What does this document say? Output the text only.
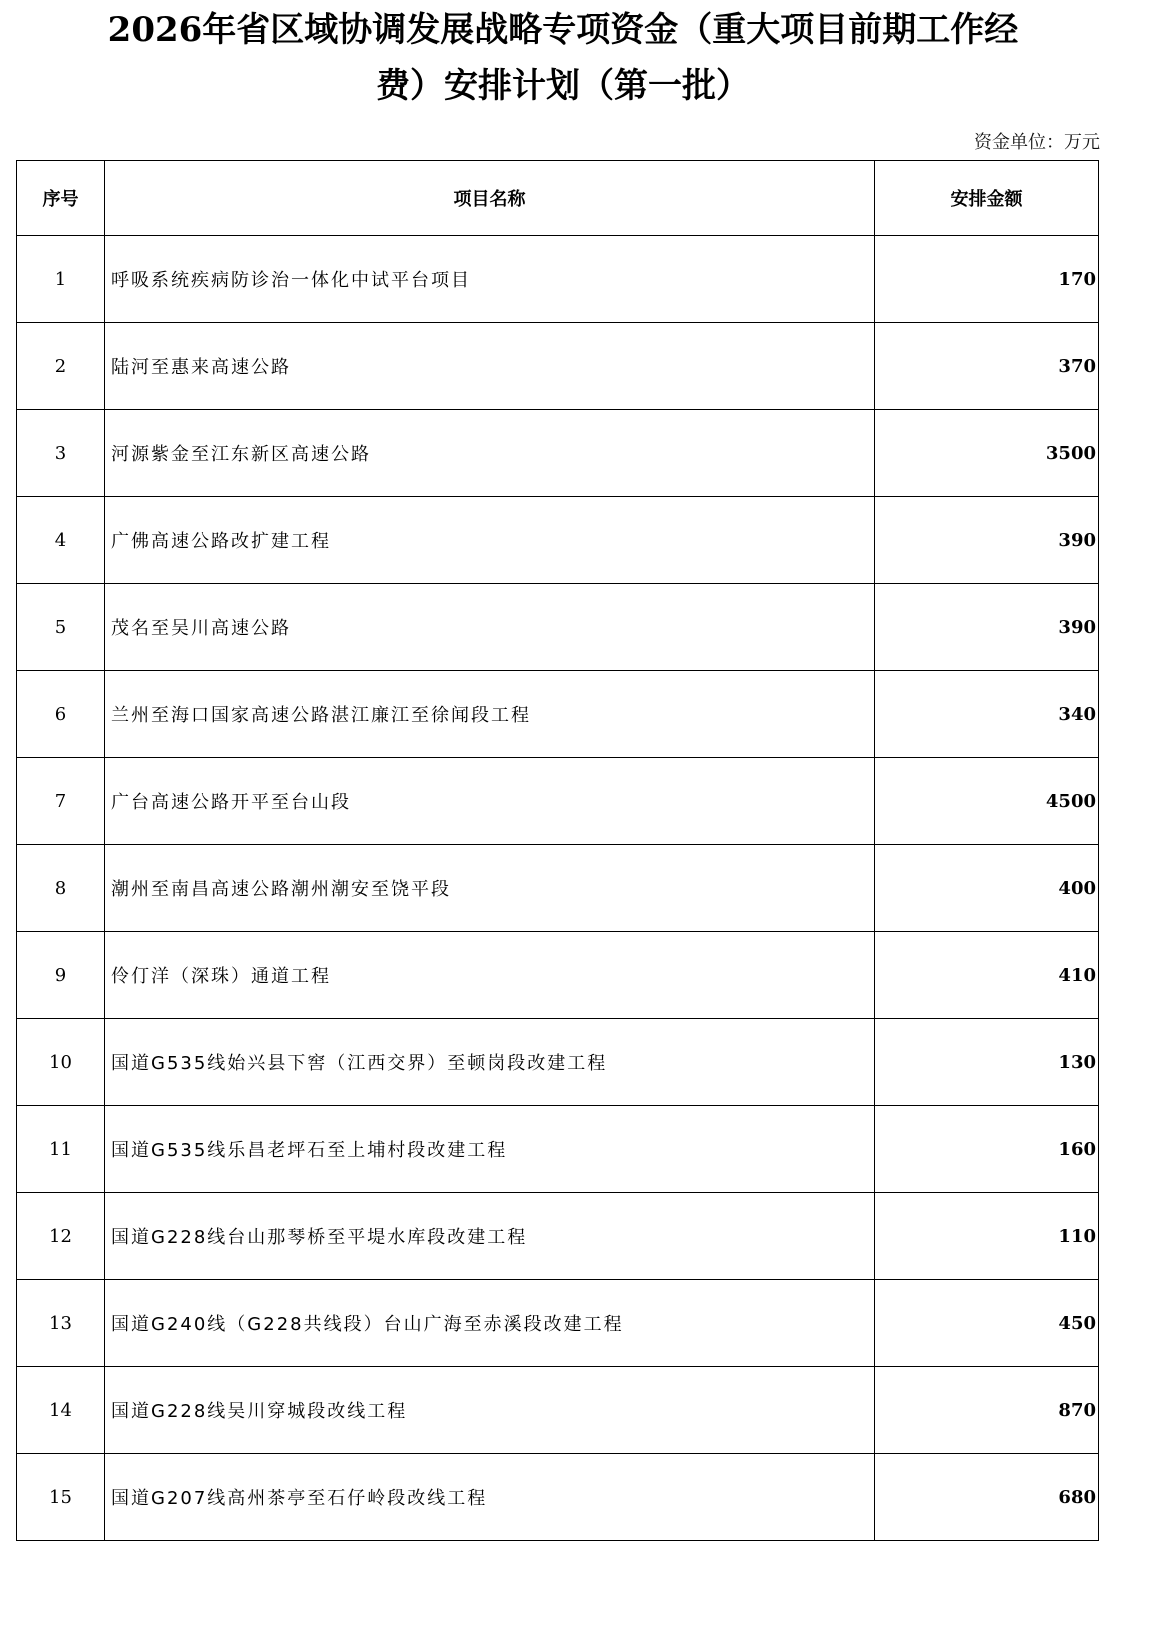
2026年省区域协调发展战略专项资金（重大项目前期工作经
费）安排计划（第一批）
资金单位：万元
序号	项目名称	安排金额
1	呼吸系统疾病防诊治一体化中试平台项目	170
2	陆河至惠来高速公路	370
3	河源紫金至江东新区高速公路	3500
4	广佛高速公路改扩建工程	390
5	茂名至吴川高速公路	390
6	兰州至海口国家高速公路湛江廉江至徐闻段工程	340
7	广台高速公路开平至台山段	4500
8	潮州至南昌高速公路潮州潮安至饶平段	400
9	伶仃洋（深珠）通道工程	410
10	国道G535线始兴县下窖（江西交界）至顿岗段改建工程	130
11	国道G535线乐昌老坪石至上埔村段改建工程	160
12	国道G228线台山那琴桥至平堤水库段改建工程	110
13	国道G240线（G228共线段）台山广海至赤溪段改建工程	450
14	国道G228线吴川穿城段改线工程	870
15	国道G207线高州茶亭至石仔岭段改线工程	680
